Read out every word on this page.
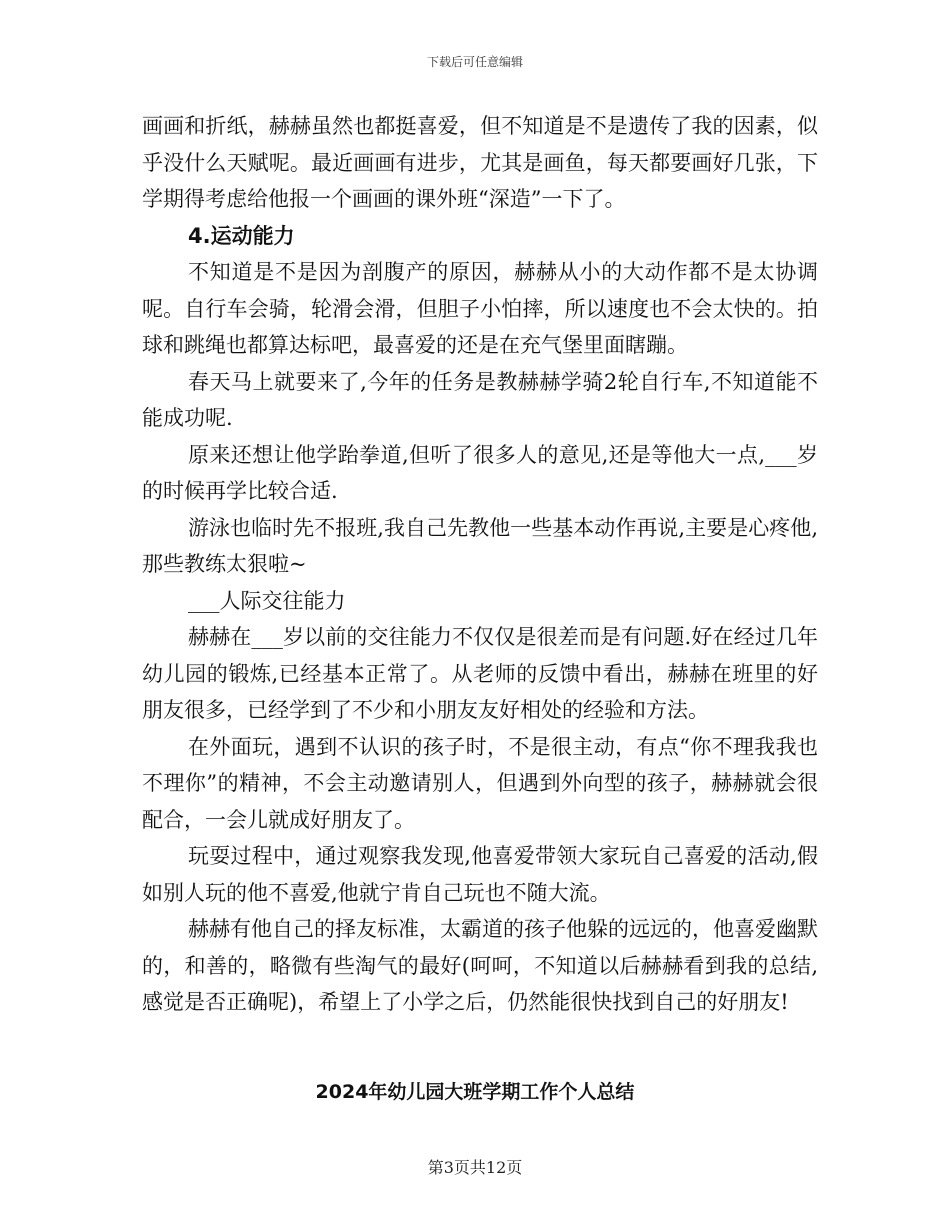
下载后可任意编辑

画画和折纸，赫赫虽然也都挺喜爱，但不知道是不是遗传了我的因素，似乎没什么天赋呢。最近画画有进步，尤其是画鱼，每天都要画好几张，下学期得考虑给他报一个画画的课外班“深造”一下了。

4.运动能力

不知道是不是因为剖腹产的原因，赫赫从小的大动作都不是太协调呢。自行车会骑，轮滑会滑，但胆子小怕摔，所以速度也不会太快的。拍球和跳绳也都算达标吧，最喜爱的还是在充气堡里面瞎蹦。

春天马上就要来了,今年的任务是教赫赫学骑2轮自行车,不知道能不能成功呢.

原来还想让他学跆拳道,但听了很多人的意见,还是等他大一点,___岁的时候再学比较合适.

游泳也临时先不报班,我自己先教他一些基本动作再说,主要是心疼他,那些教练太狠啦~

___人际交往能力

赫赫在___岁以前的交往能力不仅仅是很差而是有问题.好在经过几年幼儿园的锻炼,已经基本正常了。从老师的反馈中看出，赫赫在班里的好朋友很多，已经学到了不少和小朋友友好相处的经验和方法。

在外面玩，遇到不认识的孩子时，不是很主动，有点“你不理我我也不理你”的精神，不会主动邀请别人，但遇到外向型的孩子，赫赫就会很配合，一会儿就成好朋友了。

玩耍过程中，通过观察我发现,他喜爱带领大家玩自己喜爱的活动,假如别人玩的他不喜爱,他就宁肯自己玩也不随大流。

赫赫有他自己的择友标准，太霸道的孩子他躲的远远的，他喜爱幽默的，和善的，略微有些淘气的最好(呵呵，不知道以后赫赫看到我的总结,感觉是否正确呢)，希望上了小学之后，仍然能很快找到自己的好朋友!

2024年幼儿园大班学期工作个人总结
第3页共12页
